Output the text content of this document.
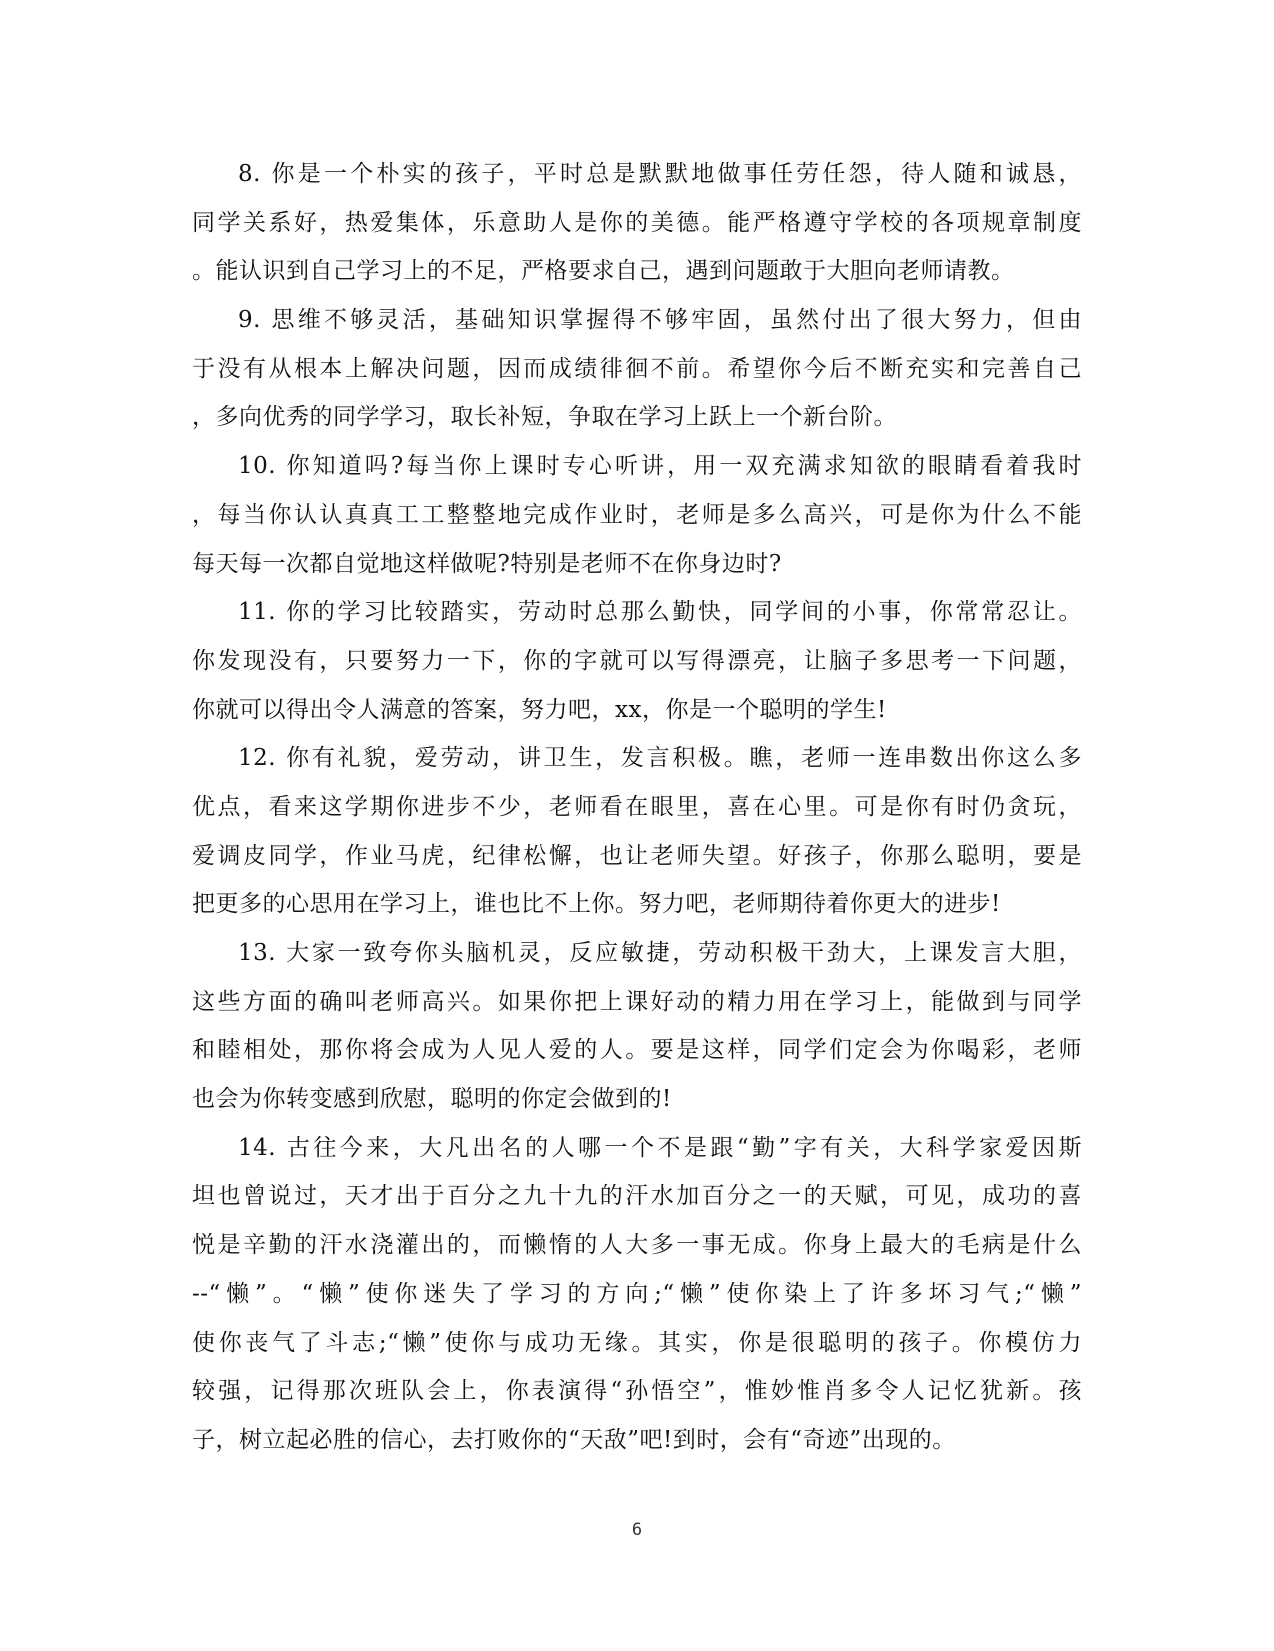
8. 你是一个朴实的孩子，平时总是默默地做事任劳任怨，待人随和诚恳，
同学关系好，热爱集体，乐意助人是你的美德。能严格遵守学校的各项规章制度
。能认识到自己学习上的不足，严格要求自己，遇到问题敢于大胆向老师请教。
9. 思维不够灵活，基础知识掌握得不够牢固，虽然付出了很大努力，但由
于没有从根本上解决问题，因而成绩徘徊不前。希望你今后不断充实和完善自己
，多向优秀的同学学习，取长补短，争取在学习上跃上一个新台阶。
10. 你知道吗?每当你上课时专心听讲，用一双充满求知欲的眼睛看着我时
，每当你认认真真工工整整地完成作业时，老师是多么高兴，可是你为什么不能
每天每一次都自觉地这样做呢?特别是老师不在你身边时?
11. 你的学习比较踏实，劳动时总那么勤快，同学间的小事，你常常忍让。
你发现没有，只要努力一下，你的字就可以写得漂亮，让脑子多思考一下问题，
你就可以得出令人满意的答案，努力吧，xx，你是一个聪明的学生!
12. 你有礼貌，爱劳动，讲卫生，发言积极。瞧，老师一连串数出你这么多
优点，看来这学期你进步不少，老师看在眼里，喜在心里。可是你有时仍贪玩，
爱调皮同学，作业马虎，纪律松懈，也让老师失望。好孩子，你那么聪明，要是
把更多的心思用在学习上，谁也比不上你。努力吧，老师期待着你更大的进步!
13. 大家一致夸你头脑机灵，反应敏捷，劳动积极干劲大，上课发言大胆，
这些方面的确叫老师高兴。如果你把上课好动的精力用在学习上，能做到与同学
和睦相处，那你将会成为人见人爱的人。要是这样，同学们定会为你喝彩，老师
也会为你转变感到欣慰，聪明的你定会做到的!
14. 古往今来，大凡出名的人哪一个不是跟“勤”字有关，大科学家爱因斯
坦也曾说过，天才出于百分之九十九的汗水加百分之一的天赋，可见，成功的喜
悦是辛勤的汗水浇灌出的，而懒惰的人大多一事无成。你身上最大的毛病是什么
--“懒”。“懒”使你迷失了学习的方向;“懒”使你染上了许多坏习气;“懒”
使你丧气了斗志;“懒”使你与成功无缘。其实，你是很聪明的孩子。你模仿力
较强，记得那次班队会上，你表演得“孙悟空”，惟妙惟肖多令人记忆犹新。孩
子，树立起必胜的信心，去打败你的“天敌”吧!到时，会有“奇迹”出现的。
6
